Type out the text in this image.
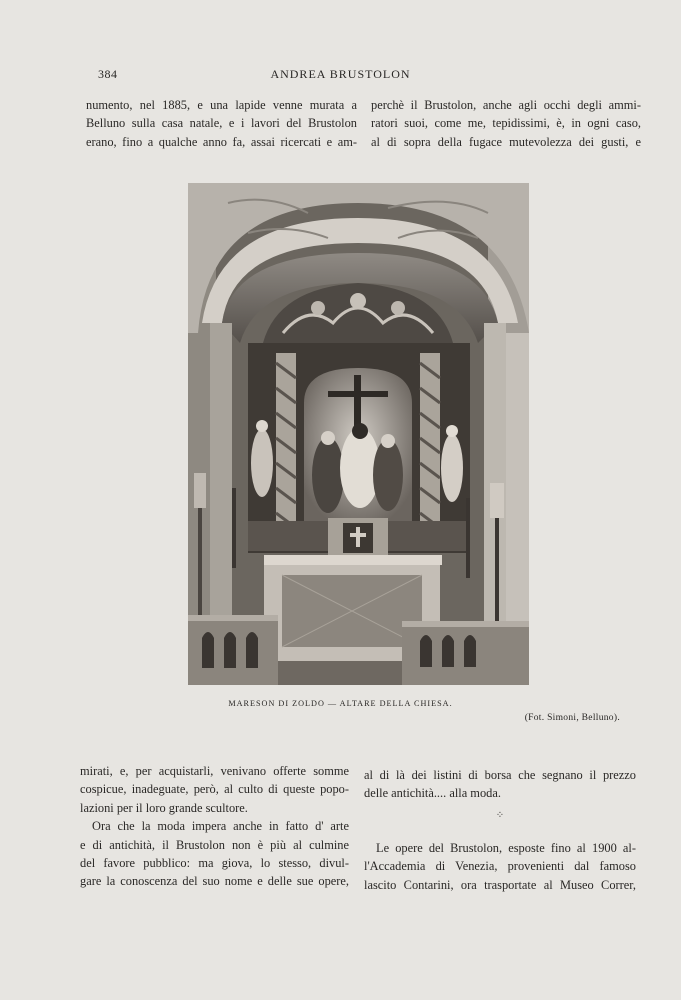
384	ANDREA BRUSTOLON

numento, nel 1885, e una lapide venne murata a

Belluno sulla casa natale, e i lavori del Brustolon

erano, fino a qualche anno fa, assai ricercati e am-

perchè il Brustolon, anche agli occhi degli ammi-

ratori suoi, come me, tepidissimi, è, in ogni caso,

al di sopra della fugace mutevolezza dei gusti, e

MARESON DI ZOLDO — ALTARE DELLA CHIESA.
(Fot. Simoni, Belluno).

mirati, e, per acquistarli, venivano offerte somme

cospicue, inadeguate, però, al culto di queste popo-

lazioni per il loro grande scultore.

Ora che la moda impera anche in fatto d' arte

e di antichità, il Brustolon non è più al culmine

del favore pubblico: ma giova, lo stesso, divul-

gare la conoscenza del suo nome e delle sue opere,

al di là dei listini di borsa che segnano il prezzo

delle antichità.... alla moda.

Le opere del Brustolon, esposte fino al 1900 al-

l'Accademia di Venezia, provenienti dal famoso

lascito Contarini, ora trasportate al Museo Correr,

⁘
